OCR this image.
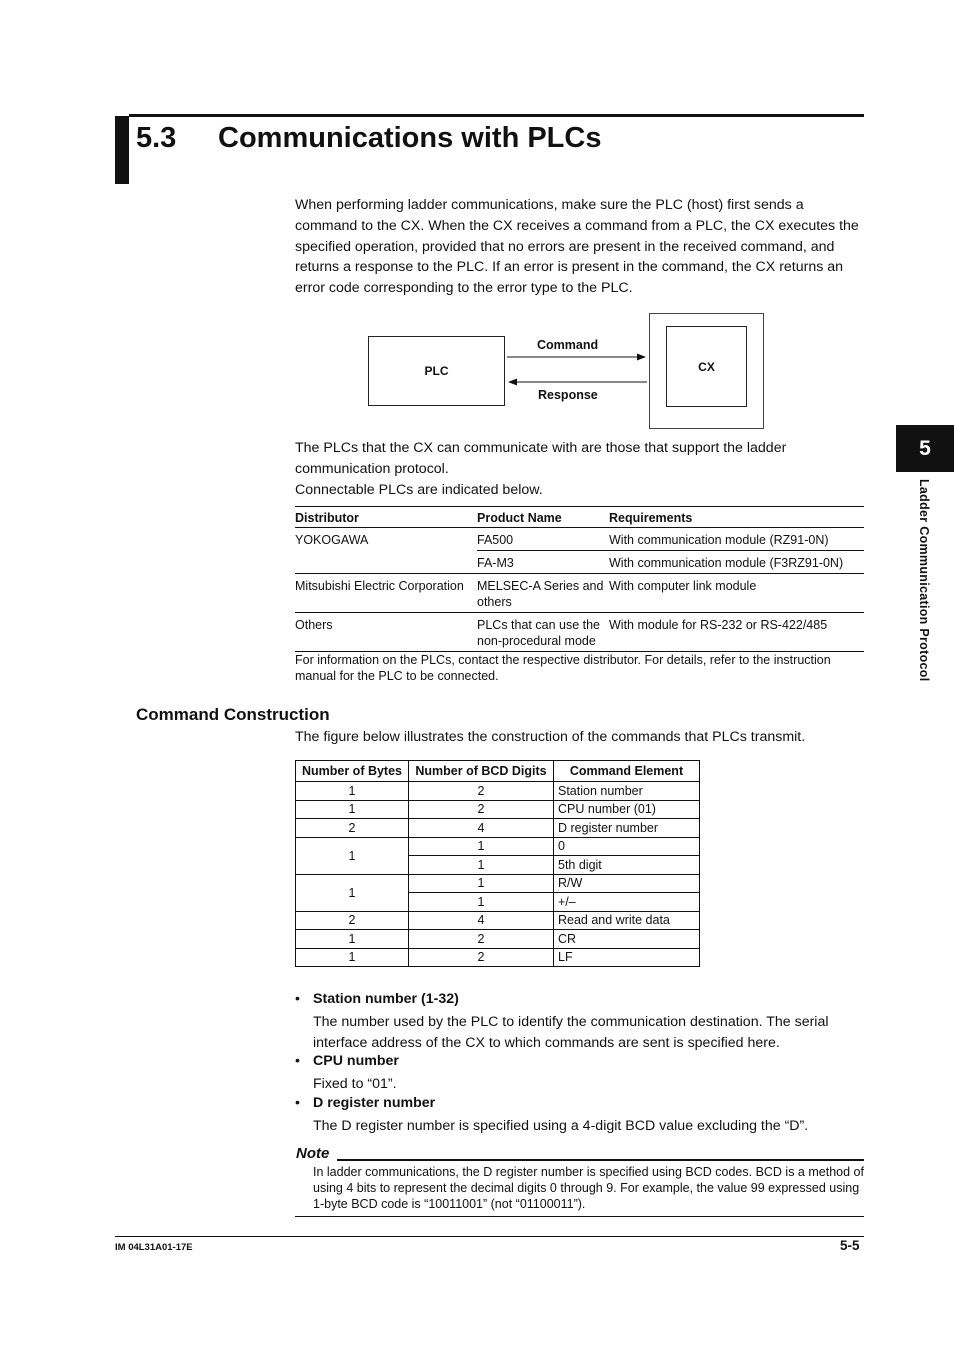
5.3 Communications with PLCs
When performing ladder communications, make sure the PLC (host) first sends a command to the CX. When the CX receives a command from a PLC, the CX executes the specified operation, provided that no errors are present in the received command, and returns a response to the PLC. If an error is present in the command, the CX returns an error code corresponding to the error type to the PLC.
PLC	CX
Command
Response
The PLCs that the CX can communicate with are those that support the ladder communication protocol.
Connectable PLCs are indicated below.
Distributor	Product Name	Requirements
YOKOGAWA	FA500	With communication module (RZ91-0N)
	FA-M3	With communication module (F3RZ91-0N)
Mitsubishi Electric Corporation	MELSEC-A Series and others	With computer link module
Others	PLCs that can use the non-procedural mode	With module for RS-232 or RS-422/485
For information on the PLCs, contact the respective distributor. For details, refer to the instruction manual for the PLC to be connected.
Command Construction
The figure below illustrates the construction of the commands that PLCs transmit.
Number of Bytes	Number of BCD Digits	Command Element
1	2	Station number
1	2	CPU number (01)
2	4	D register number
1	1	0
	1	5th digit
1	1	R/W
	1	+/–
2	4	Read and write data
1	2	CR
1	2	LF
• Station number (1-32)
The number used by the PLC to identify the communication destination. The serial interface address of the CX to which commands are sent is specified here.
• CPU number
Fixed to “01”.
• D register number
The D register number is specified using a 4-digit BCD value excluding the “D”.
Note
In ladder communications, the D register number is specified using BCD codes. BCD is a method of using 4 bits to represent the decimal digits 0 through 9. For example, the value 99 expressed using 1-byte BCD code is “10011001” (not “01100011”).
IM 04L31A01-17E	5-5
5
Ladder Communication Protocol
